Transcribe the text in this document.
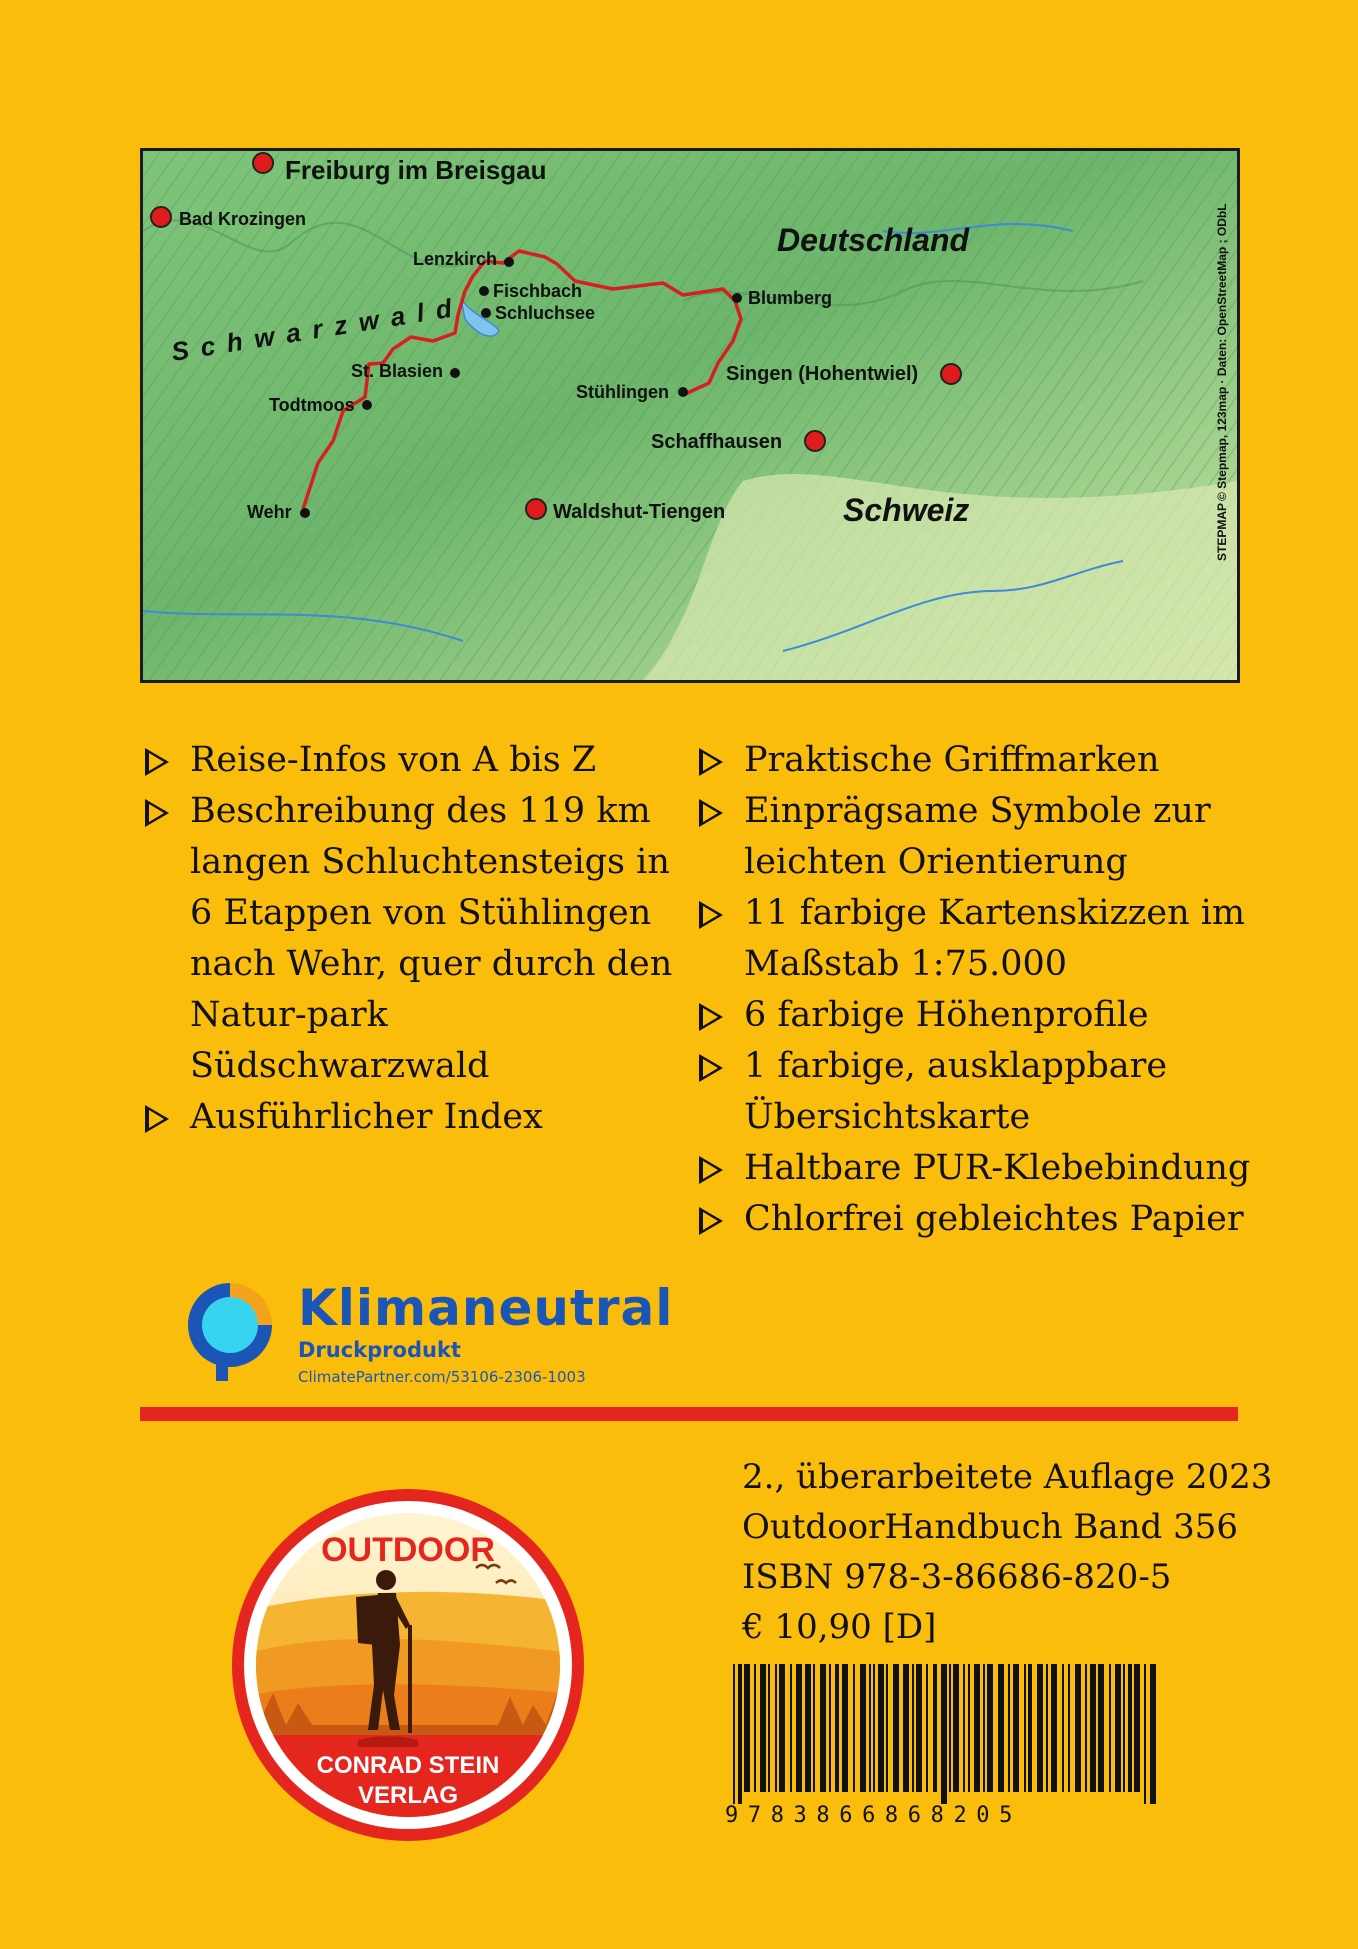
Freiburg im Breisgau
Bad Krozingen
Lenzkirch
Fischbach
Schluchsee
Blumberg
St. Blasien
Todtmoos
Stühlingen
Singen (Hohentwiel)
Schaffhausen
Wehr	Waldshut-Tiengen
Schwarzwald
Deutschland
Schweiz
© Stepmap, 123map · Daten: OpenStreetMap ; ODbL
STEPMAP
Reise-Infos von A bis Z
Beschreibung des 119 km langen Schluchtensteigs in 6 Etappen von Stühlingen nach Wehr, quer durch den Natur-park Südschwarzwald
Ausführlicher Index
Praktische Griffmarken
Einprägsame Symbole zur leichten Orientierung
11 farbige Kartenskizzen im Maßstab 1:75.000
6 farbige Höhenprofile
1 farbige, ausklappbare Übersichtskarte
Haltbare PUR-Klebebindung
Chlorfrei gebleichtes Papier
Klimaneutral
Druckprodukt
ClimatePartner.com/53106-2306-1003
OUTDOOR
CONRAD STEIN
VERLAG
2., überarbeitete Auflage 2023
OutdoorHandbuch Band 356
ISBN 978-3-86686-820-5
€ 10,90 [D]
9783866868205
